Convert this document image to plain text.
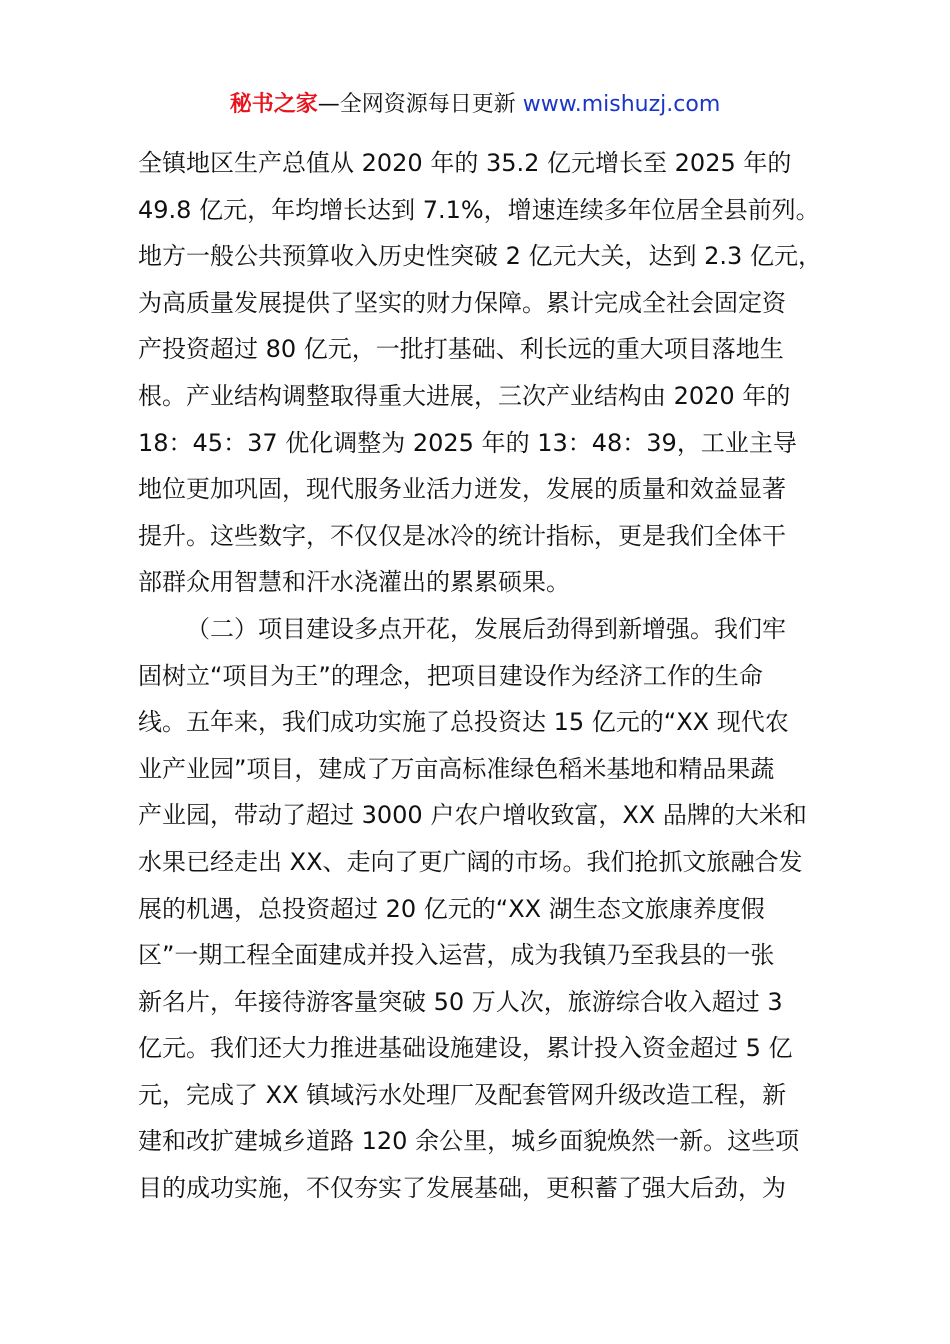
秘书之家—全网资源每日更新 www.mishuzj.com
全镇地区生产总值从 2020 年的 35.2 亿元增长至 2025 年的
49.8 亿元，年均增长达到 7.1%，增速连续多年位居全县前列。
地方一般公共预算收入历史性突破 2 亿元大关，达到 2.3 亿元，
为高质量发展提供了坚实的财力保障。累计完成全社会固定资
产投资超过 80 亿元，一批打基础、利长远的重大项目落地生
根。产业结构调整取得重大进展，三次产业结构由 2020 年的
18：45：37 优化调整为 2025 年的 13：48：39，工业主导
地位更加巩固，现代服务业活力迸发，发展的质量和效益显著
提升。这些数字，不仅仅是冰冷的统计指标，更是我们全体干
部群众用智慧和汗水浇灌出的累累硕果。
（二）项目建设多点开花，发展后劲得到新增强。我们牢
固树立“项目为王”的理念，把项目建设作为经济工作的生命
线。五年来，我们成功实施了总投资达 15 亿元的“XX 现代农
业产业园”项目，建成了万亩高标准绿色稻米基地和精品果蔬
产业园，带动了超过 3000 户农户增收致富，XX 品牌的大米和
水果已经走出 XX、走向了更广阔的市场。我们抢抓文旅融合发
展的机遇，总投资超过 20 亿元的“XX 湖生态文旅康养度假
区”一期工程全面建成并投入运营，成为我镇乃至我县的一张
新名片，年接待游客量突破 50 万人次，旅游综合收入超过 3
亿元。我们还大力推进基础设施建设，累计投入资金超过 5 亿
元，完成了 XX 镇域污水处理厂及配套管网升级改造工程，新
建和改扩建城乡道路 120 余公里，城乡面貌焕然一新。这些项
目的成功实施，不仅夯实了发展基础，更积蓄了强大后劲，为
